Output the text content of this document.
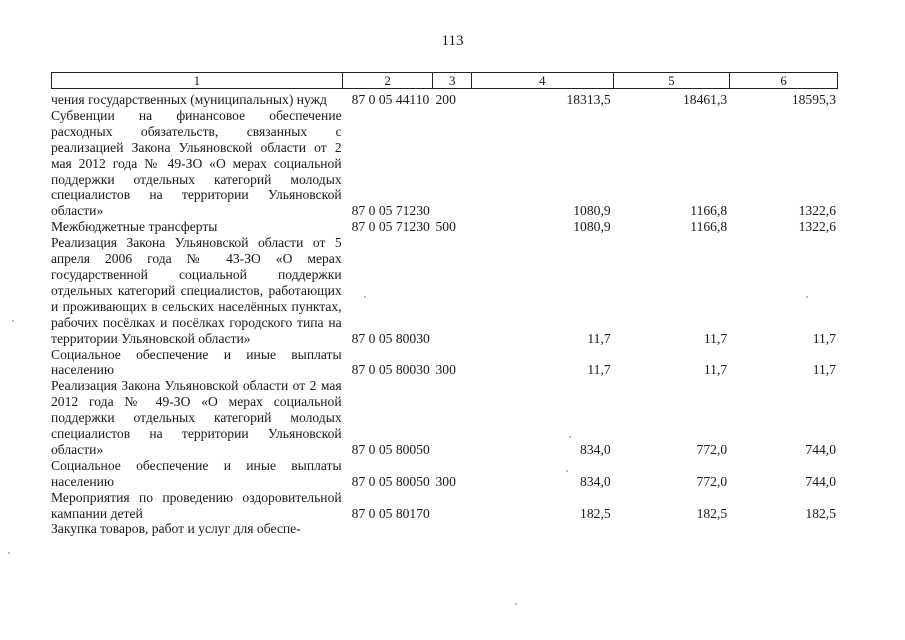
113
1	2	3	4	5	6
чения государственных (муниципальных) нужд	87 0 05 44110 200	18313,5	18461,3	18595,3
Субвенции на финансовое обеспечение расходных обязательств, связанных с реализацией Закона Ульяновской области от 2 мая 2012 года № 49-ЗО «О мерах социальной поддержки отдельных категорий молодых специалистов на территории Ульяновской области»	87 0 05 71230	1080,9	1166,8	1322,6
Межбюджетные трансферты	87 0 05 71230 500	1080,9	1166,8	1322,6
Реализация Закона Ульяновской области от 5 апреля 2006 года № 43-ЗО «О мерах государственной социальной поддержки отдельных категорий специалистов, работающих и проживающих в сельских населённых пунктах, рабочих посёлках и посёлках городского типа на территории Ульяновской области»	87 0 05 80030	11,7	11,7	11,7
Социальное обеспечение и иные выплаты населению	87 0 05 80030 300	11,7	11,7	11,7
Реализация Закона Ульяновской области от 2 мая 2012 года № 49-ЗО «О мерах социальной поддержки отдельных категорий молодых специалистов на территории Ульяновской области»	87 0 05 80050	834,0	772,0	744,0
Социальное обеспечение и иные выплаты населению	87 0 05 80050 300	834,0	772,0	744,0
Мероприятия по проведению оздоровительной кампании детей	87 0 05 80170	182,5	182,5	182,5
Закупка товаров, работ и услуг для обеспе-
